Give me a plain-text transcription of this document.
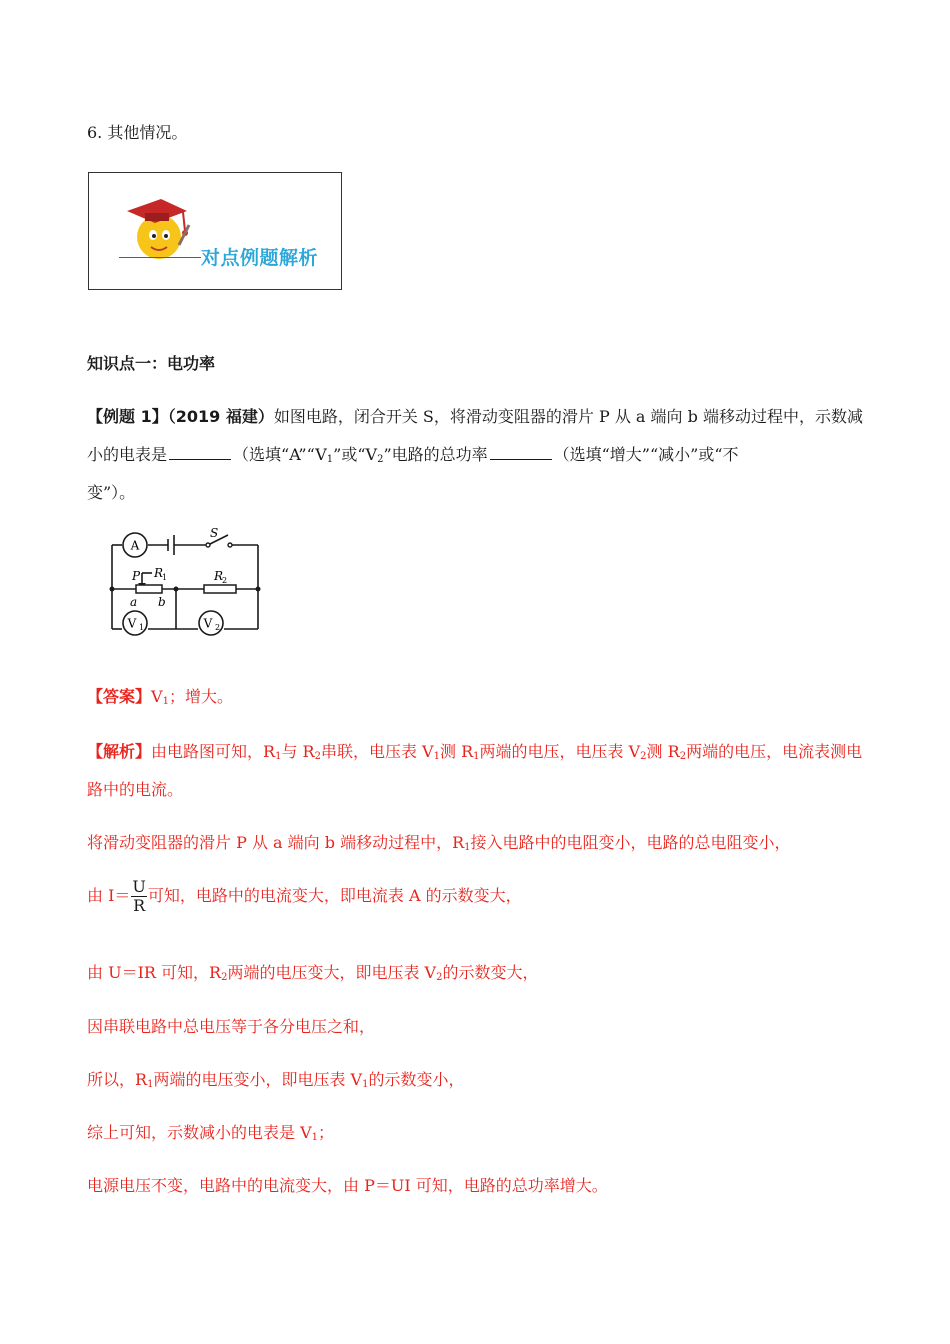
6. 其他情况。
对点例题解析
知识点一：电功率
【例题 1】（2019 福建）如图电路，闭合开关 S，将滑动变阻器的滑片 P 从 a 端向 b 端移动过程中，示数减
小的电表是	（选填“$A”“V_1$”或“$V_2$”电路的总功率	（选填“增大”“减小”或“不
变”）。
A
V 1	V 2
S
P R
1	R
2
a b
【答案】$V_1$；增大。
【解析】由电路图可知，$R_1$与 $R_2$串联，电压表 $V_1$测 $R_1$两端的电压，电压表 $V_2$测 $R_2$两端的电压，电流表测电
路中的电流。
将滑动变阻器的滑片 P 从 a 端向 b 端移动过程中，$R_1$接入电路中的电阻变小，电路的总电阻变小，
由 $I= \frac{U}{R}$ 可知，电路中的电流变大，即电流表 A 的示数变大，
由 U＝IR 可知，$R_2$两端的电压变大，即电压表 $V_2$的示数变大，
因串联电路中总电压等于各分电压之和，
所以，$R_1$两端的电压变小，即电压表 $V_1$的示数变小，
综上可知，示数减小的电表是 $V_1$；
电源电压不变，电路中的电流变大，由 P＝UI 可知，电路的总功率增大。
